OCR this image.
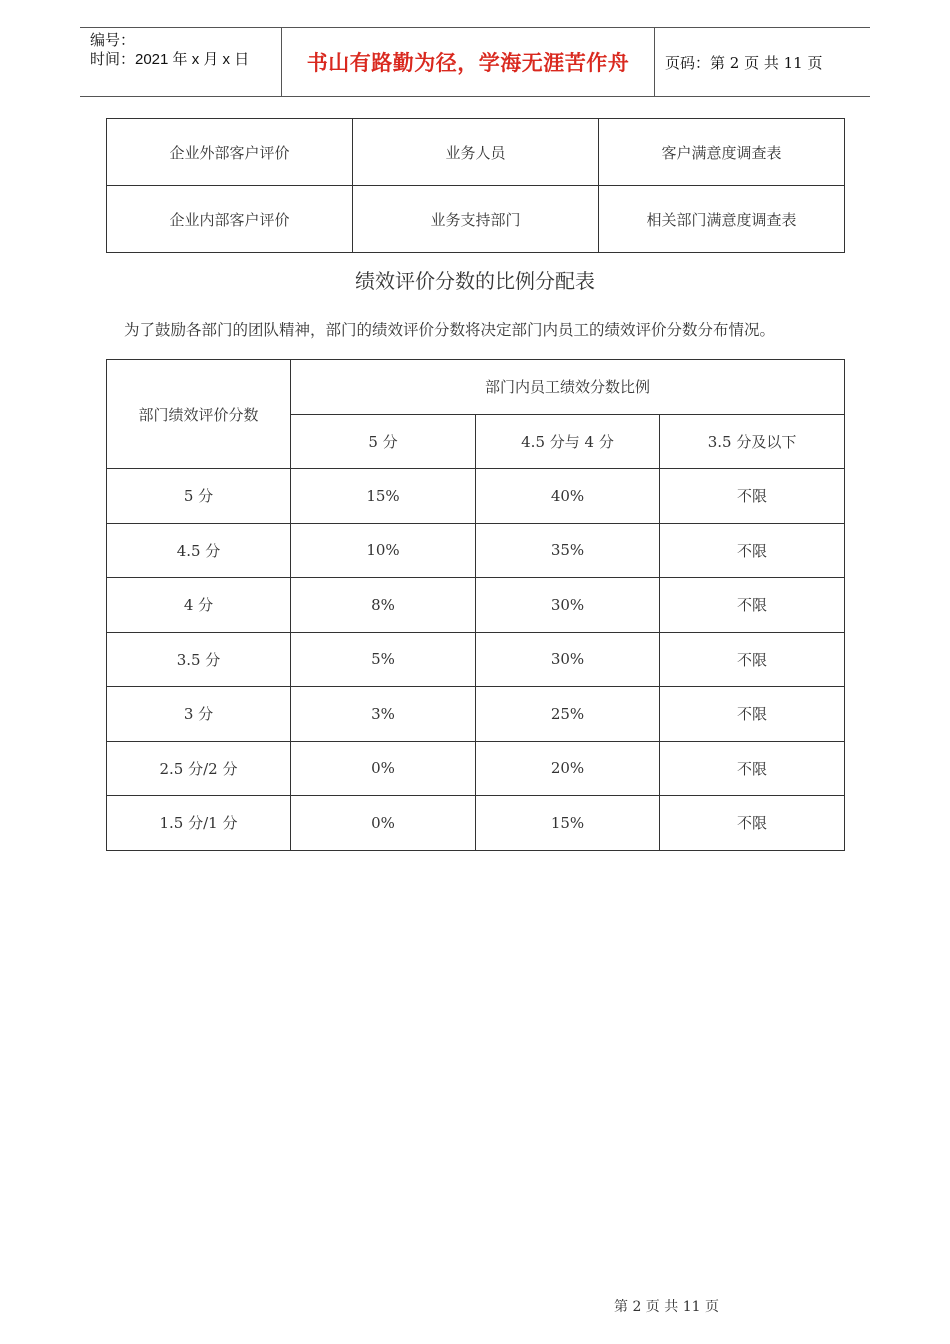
编号：
时间：2021 年 x 月 x 日	书山有路勤为径，学海无涯苦作舟	页码：第 2 页 共 11 页
企业外部客户评价	业务人员	客户满意度调查表
企业内部客户评价	业务支持部门	相关部门满意度调查表
绩效评价分数的比例分配表
为了鼓励各部门的团队精神，部门的绩效评价分数将决定部门内员工的绩效评价分数分布情况。
部门绩效评价分数	部门内员工绩效分数比例		
	5 分	4.5 分与 4 分	3.5 分及以下
5 分	15%	40%	不限
4.5 分	10%	35%	不限
4 分	8%	30%	不限
3.5 分	5%	30%	不限
3 分	3%	25%	不限
2.5 分/2 分	0%	20%	不限
1.5 分/1 分	0%	15%	不限
第 2 页 共 11 页
